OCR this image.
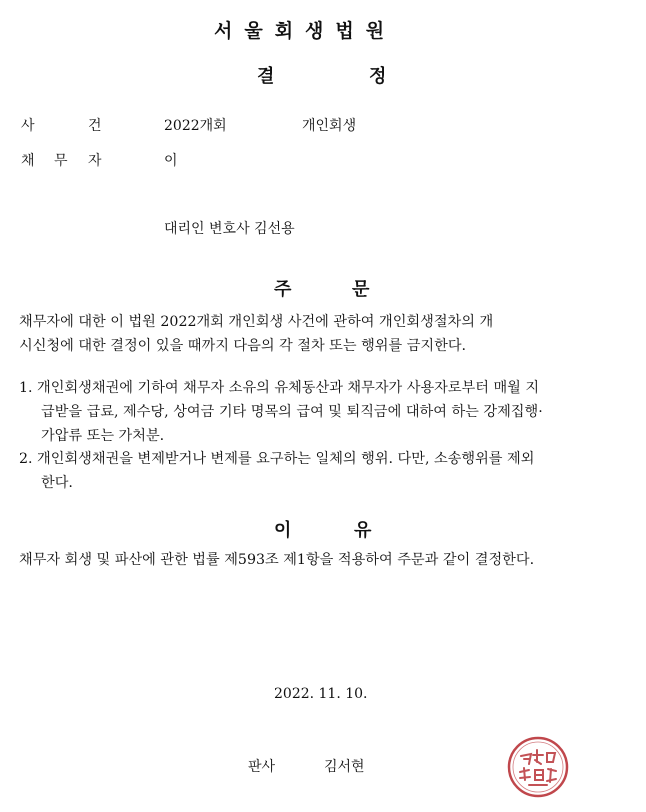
서울회생법원
결	정
사	건	2022개회	개인회생
채 무 자	이
대리인 변호사 김선용
주	문
채무자에 대한 이 법원 2022개회 개인회생 사건에 관하여 개인회생절차의 개
시신청에 대한 결정이 있을 때까지 다음의 각 절차 또는 행위를 금지한다.
1. 개인회생채권에 기하여 채무자 소유의 유체동산과 채무자가 사용자로부터 매월 지
급받을 급료, 제수당, 상여금 기타 명목의 급여 및 퇴직금에 대하여 하는 강제집행·
가압류 또는 가처분.
2. 개인회생채권을 변제받거나 변제를 요구하는 일체의 행위. 다만, 소송행위를 제외
한다.
이	유
채무자 회생 및 파산에 관한 법률 제593조 제1항을 적용하여 주문과 같이 결정한다.
2022. 11. 10.
판사	김서현
